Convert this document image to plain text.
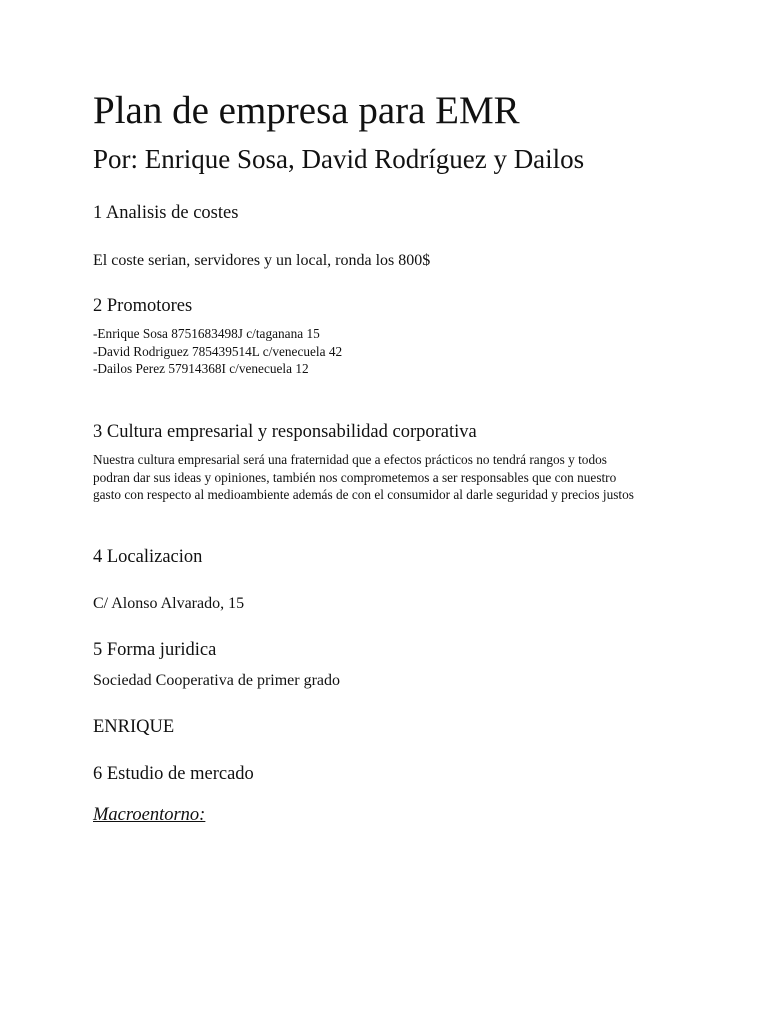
Plan de empresa para EMR
Por: Enrique Sosa, David Rodríguez y Dailos
1 Analisis de costes

El coste serian, servidores y un local, ronda los 800$

2 Promotores
-Enrique Sosa 8751683498J c/taganana 15
-David Rodriguez 785439514L c/venecuela 42
-Dailos Perez 57914368I c/venecuela 12
3 Cultura empresarial y responsabilidad corporativa
Nuestra cultura empresarial será una fraternidad que a efectos prácticos no tendrá rangos y todos
podran dar sus ideas y opiniones, también nos comprometemos a ser responsables que con nuestro
gasto con respecto al medioambiente además de con el consumidor al darle seguridad y precios justos
4 Localizacion

C/ Alonso Alvarado, 15

5 Forma juridica

Sociedad Cooperativa de primer grado

ENRIQUE

6 Estudio de mercado

Macroentorno:
